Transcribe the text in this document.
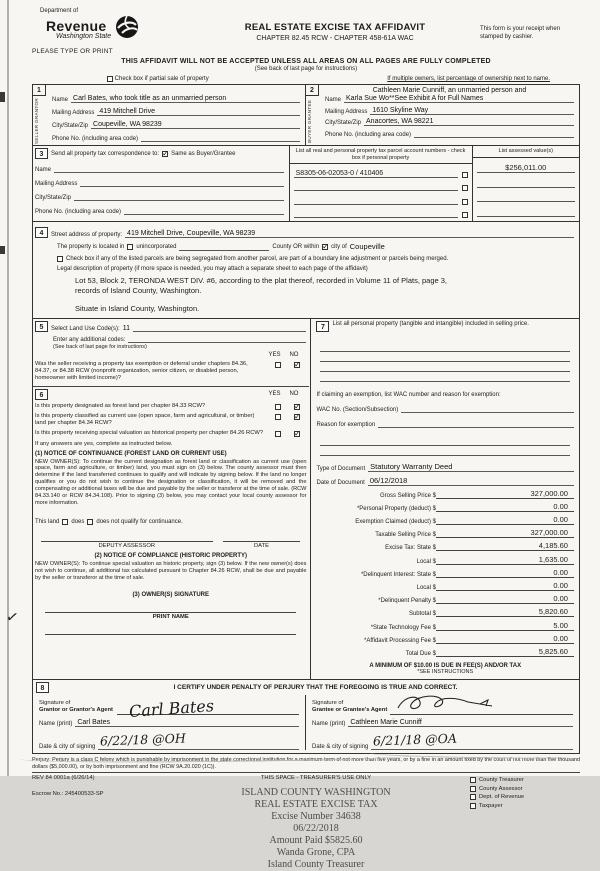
✓
Department of
Revenue
Washington State
PLEASE TYPE OR PRINT
REAL ESTATE EXCISE TAX AFFIDAVIT
CHAPTER 82.45 RCW - CHAPTER 458-61A WAC
This form is your receipt when stamped by cashier.
THIS AFFIDAVIT WILL NOT BE ACCEPTED UNLESS ALL AREAS ON ALL PAGES ARE FULLY COMPLETED
(See back of last page for instructions)

Check box if partial sale of property	If multiple owners, list percentage of ownership next to name.
1
SELLER GRANTOR	Name Carl Bates, who took title as an unmarried person
Mailing Address 419 Mitchell Drive
City/State/Zip Coupeville, WA 98239
Phone No. (including area code)
2
BUYER GRANTEE
Cathleen Marie Cunniff, an unmarried person and
Name Karla Sue Wo**See Exhibit A for Full Names
Mailing Address 1610 Skyline Way
City/State/Zip Anacortes, WA 98221
Phone No. (including area code)
3	Send all property tax correspondence to: ✓ Same as Buyer/Grantee
Name
Mailing Address
City/State/Zip
Phone No. (including area code)
List all real and personal property tax parcel account numbers - check box if personal property
S8305-06-02053-0 / 410406
List assessed value(s)
$256,011.00
4	Street address of property: 419 Mitchell Drive, Coupeville, WA 98239
The property is located in unincorporated	County OR within ✓ city of Coupeville
Check box if any of the listed parcels are being segregated from another parcel, are part of a boundary line adjustment or parcels being merged.
Legal description of property (if more space is needed, you may attach a separate sheet to each page of the affidavit)
Lot 53, Block 2, TERONDA WEST DIV. #6, according to the plat thereof, recorded in Volume 11 of Plats, page 3,
records of Island County, Washington.
Situate in Island County, Washington.
5	Select Land Use Code(s): 11
Enter any additional codes:
(See back of last page for instructions)
YES NO
Was the seller receiving a property tax exemption or deferral under chapters 84.36, 84.37, or 84.38 RCW (nonprofit organization, senior citizen, or disabled person, homeowner with limited income)?
✓
6	YES NO
Is this property designated as forest land per chapter 84.33 RCW?
✓
Is this property classified as current use (open space, farm and agricultural, or timber) land per chapter 84.34 RCW?
✓
Is this property receiving special valuation as historical property per chapter 84.26 RCW?
✓
If any answers are yes, complete as instructed below.
(1) NOTICE OF CONTINUANCE (FOREST LAND OR CURRENT USE)
NEW OWNER(S): To continue the current designation as forest land or classification as current use (open space, farm and agriculture, or timber) land, you must sign on (3) below. The county assessor must then determine if the land transferred continues to qualify and will indicate by signing below. If the land no longer qualifies or you do not wish to continue the designation or classification, it will be removed and the compensating or additional taxes will be due and payable by the seller or transferor at the time of sale. (RCW 84.33.140 or RCW 84.34.108). Prior to signing (3) below, you may contact your local county assessor for more information.
This land does does not qualify for continuance.
DEPUTY ASSESSOR	DATE
(2) NOTICE OF COMPLIANCE (HISTORIC PROPERTY)
NEW OWNER(S): To continue special valuation as historic property, sign (3) below. If the new owner(s) does not wish to continue, all additional tax calculated pursuant to Chapter 84.26 RCW, shall be due and payable by the seller or transferor at the time of sale.
(3) OWNER(S) SIGNATURE
PRINT NAME
7	List all personal property (tangible and intangible) included in selling price.
If claiming an exemption, list WAC number and reason for exemption:
WAC No. (Section/Subsection)
Reason for exemption
Type of Document Statutory Warranty Deed
Date of Document 06/12/2018
Gross Selling Price $	327,000.00
*Personal Property (deduct) $	0.00
Exemption Claimed (deduct) $	0.00
Taxable Selling Price $	327,000.00
Excise Tax: State $	4,185.60
Local $	1,635.00
*Delinquent Interest: State $	0.00
Local $	0.00
*Delinquent Penalty $	0.00
Subtotal $	5,820.60
*State Technology Fee $	5.00
*Affidavit Processing Fee $	0.00
Total Due $	5,825.60
A MINIMUM OF $10.00 IS DUE IN FEE(S) AND/OR TAX
*SEE INSTRUCTIONS
8	I CERTIFY UNDER PENALTY OF PERJURY THAT THE FOREGOING IS TRUE AND CORRECT.
Signature of
Grantor or Grantor's Agent Carl Bates
Name (print) Carl Bates
Date & city of signing 6/22/18 @OH
Signature of
Grantee or Grantee's Agent
Name (print) Cathleen Marie Cunniff
Date & city of signing 6/21/18 @OA
Perjury: Perjury is a class C felony which is punishable by imprisonment in the state correctional institution for a maximum term of not more than five years, or by a fine in an amount fixed by the court of not more than five thousand dollars ($5,000.00), or by both imprisonment and fine (RCW 9A.20.020 (1C)).
REV 84 0001a (6/26/14)
Escrow No.: 245400533-SP
THIS SPACE - TREASURER'S USE ONLY
ISLAND COUNTY WASHINGTON
REAL ESTATE EXCISE TAX
Excise Number 34638
06/22/2018
Amount Paid $5825.60
Wanda Grone, CPA
Island County Treasurer
County Treasurer
County Assessor
Dept. of Revenue
Taxpayer
